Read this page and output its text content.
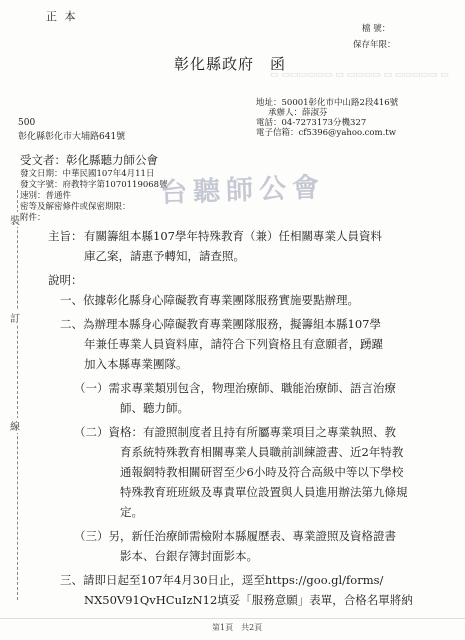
正 本
檔 號：
保存年限：
彰化縣政府　函
▭ ▭▭▭▭▭▭ ▭ ▭▭▭▭ ▭ ▭▭▭▭▭ ▭
地址：50001彰化市中山路2段416號
承辦人：薛淑芬
電話：04-7273173分機327
電子信箱：cf5396@yahoo.com.tw
500
彰化縣彰化市大埔路641號
受文者：彰化縣聽力師公會
發文日期：中華民國107年4月11日
發文字號：府教特字第1070119068號
速別：普通件
密等及解密條件或保密期限：
附件：
台聽師公會
裝
訂
線
主旨： 有關籌組本縣107學年特殊教育（兼）任相關專業人員資料
庫乙案，請惠予轉知，請查照。
說明：
一、依據彰化縣身心障礙教育專業團隊服務實施要點辦理。
二、為辦理本縣身心障礙教育專業團隊服務，擬籌組本縣107學
年兼任專業人員資料庫，請符合下列資格且有意願者，踴躍
加入本縣專業團隊。
（一）需求專業類別包含，物理治療師、職能治療師、語言治療
師、聽力師。
（二）資格：有證照制度者且持有所屬專業項目之專業執照、教
育系統特殊教育相關專業人員職前訓練證書、近2年特教
通報網特教相關研習至少6小時及符合高級中等以下學校
特殊教育班班級及專責單位設置與人員進用辦法第九條規
定。
（三）另，新任治療師需檢附本縣履歷表、專業證照及資格證書
影本、台銀存簿封面影本。
三、請即日起至107年4月30日止，逕至https://goo.gl/forms/
NX50V91QvHCuIzN12填妥「服務意願」表單，合格名單將納
第1頁　共2頁
